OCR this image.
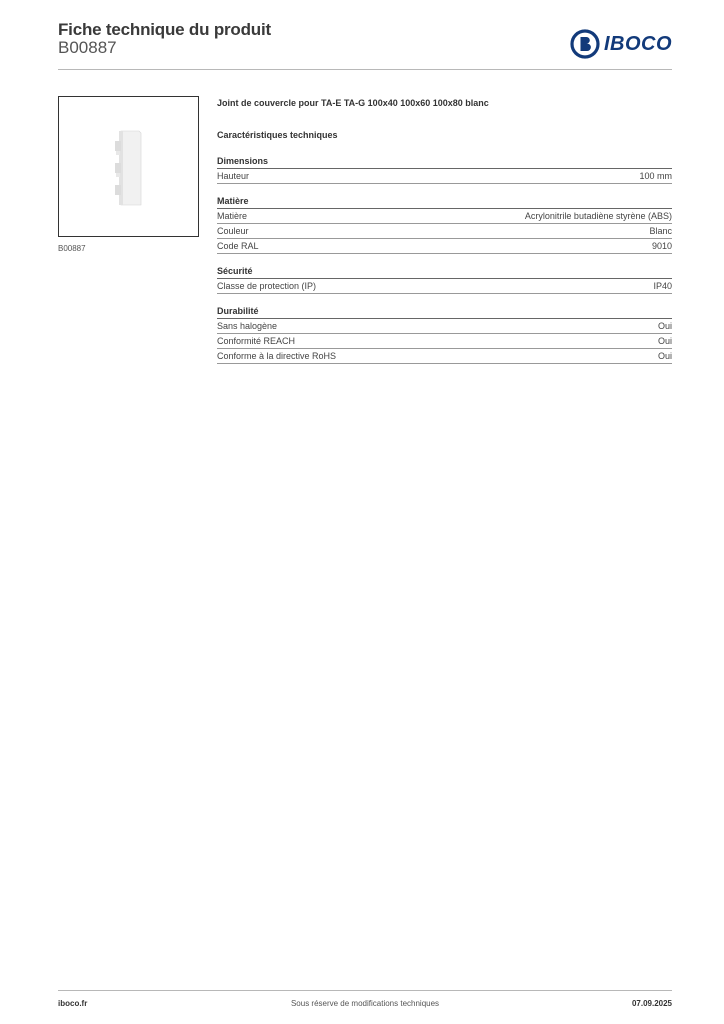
Fiche technique du produit
B00887	IBOCO
B00887
Joint de couvercle pour TA-E TA-G 100x40 100x60 100x80 blanc
Caractéristiques techniques
Dimensions
Hauteur	100 mm
Matière
Matière	Acrylonitrile butadiène styrène (ABS)
Couleur	Blanc
Code RAL	9010
Sécurité
Classe de protection (IP)	IP40
Durabilité
Sans halogène	Oui
Conformité REACH	Oui
Conforme à la directive RoHS	Oui
Sous réserve de modifications techniques
iboco.fr	07.09.2025
